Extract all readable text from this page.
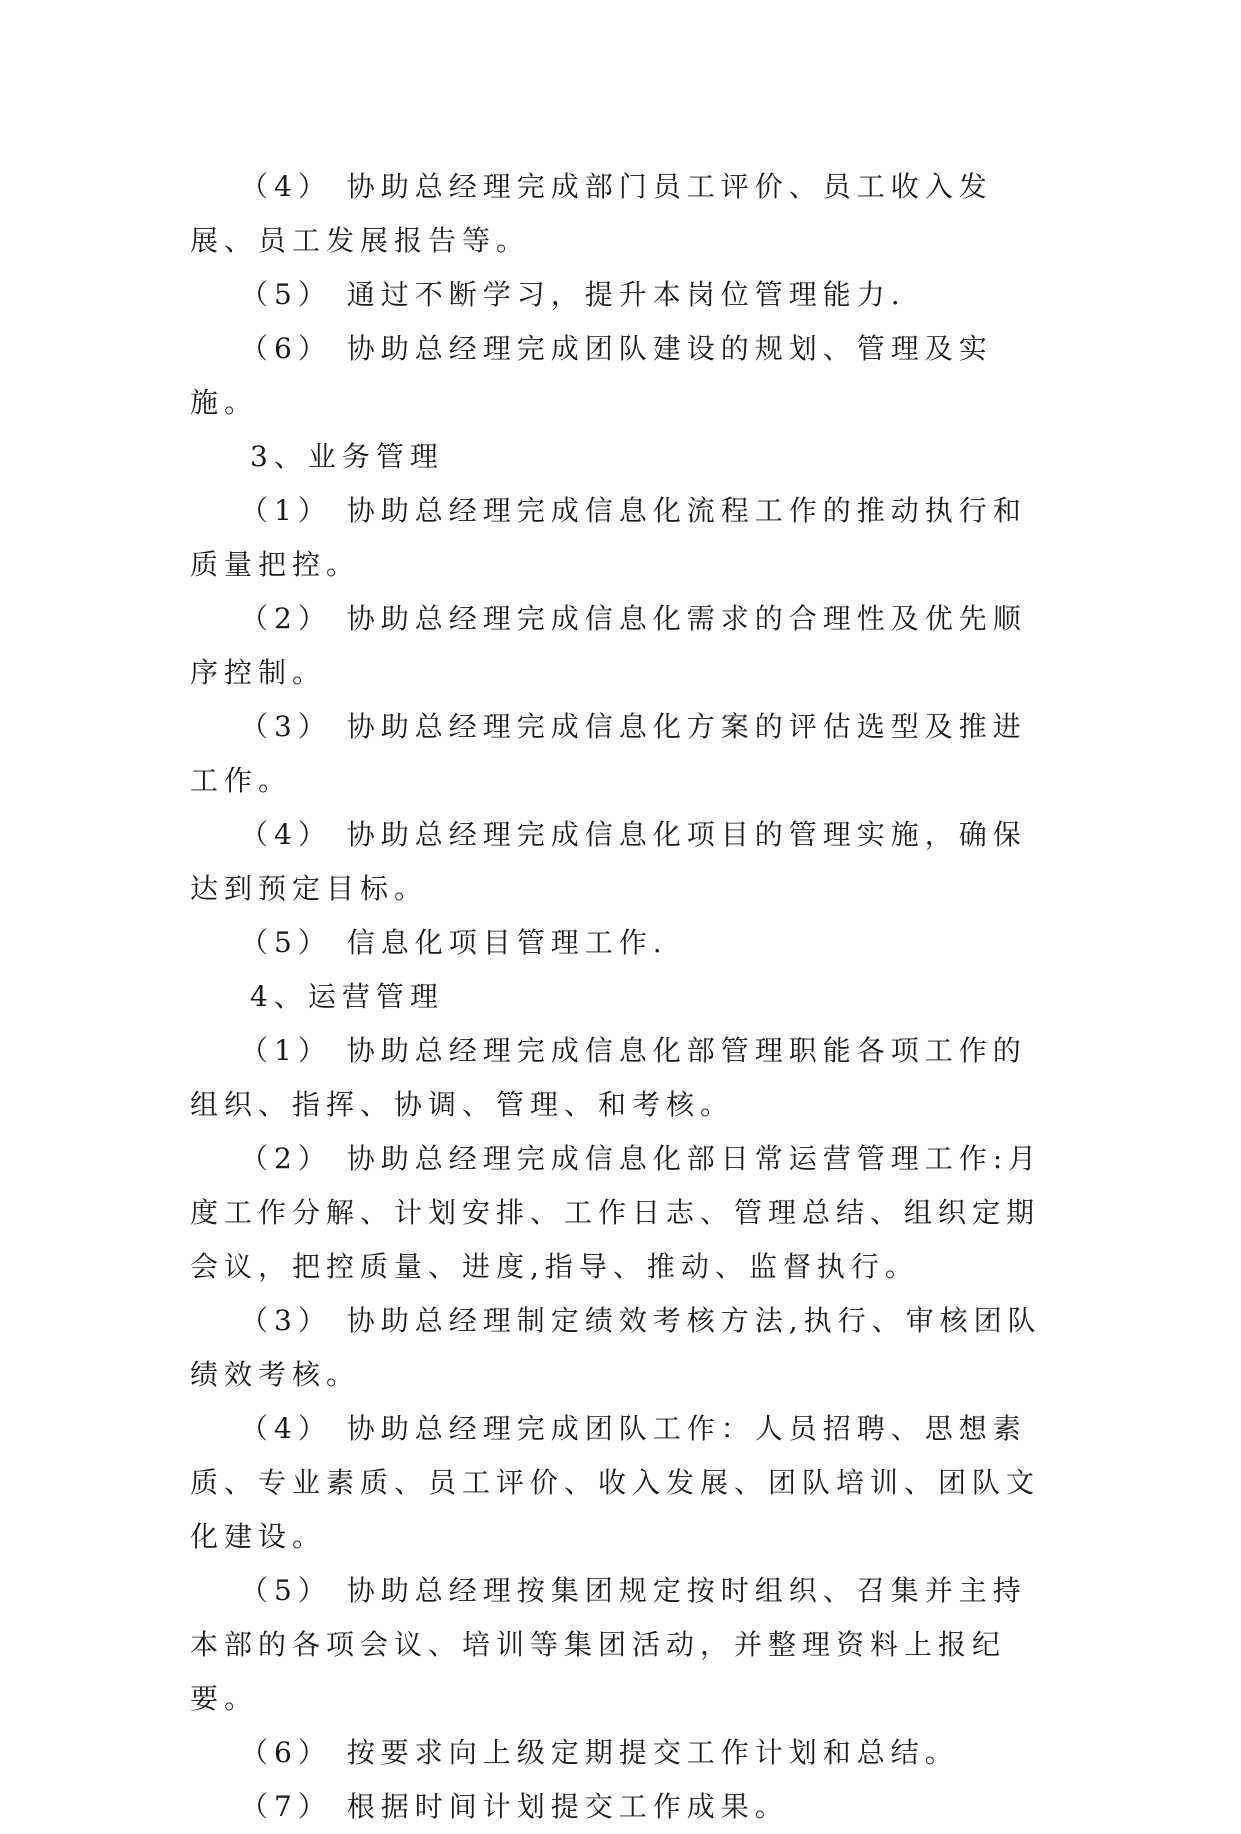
（4） 协助总经理完成部门员工评价、员工收入发展、员工发展报告等。

（5） 通过不断学习，提升本岗位管理能力.

（6） 协助总经理完成团队建设的规划、管理及实施。

3、业务管理

（1） 协助总经理完成信息化流程工作的推动执行和质量把控。

（2） 协助总经理完成信息化需求的合理性及优先顺序控制。

（3） 协助总经理完成信息化方案的评估选型及推进工作。

（4） 协助总经理完成信息化项目的管理实施，确保达到预定目标。

（5） 信息化项目管理工作.

4、运营管理

（1） 协助总经理完成信息化部管理职能各项工作的组织、指挥、协调、管理、和考核。

（2） 协助总经理完成信息化部日常运营管理工作:月度工作分解、计划安排、工作日志、管理总结、组织定期会议，把控质量、进度,指导、推动、监督执行。

（3） 协助总经理制定绩效考核方法,执行、审核团队绩效考核。

（4） 协助总经理完成团队工作：人员招聘、思想素质、专业素质、员工评价、收入发展、团队培训、团队文化建设。

（5） 协助总经理按集团规定按时组织、召集并主持本部的各项会议、培训等集团活动，并整理资料上报纪要。

（6） 按要求向上级定期提交工作计划和总结。

（7） 根据时间计划提交工作成果。
